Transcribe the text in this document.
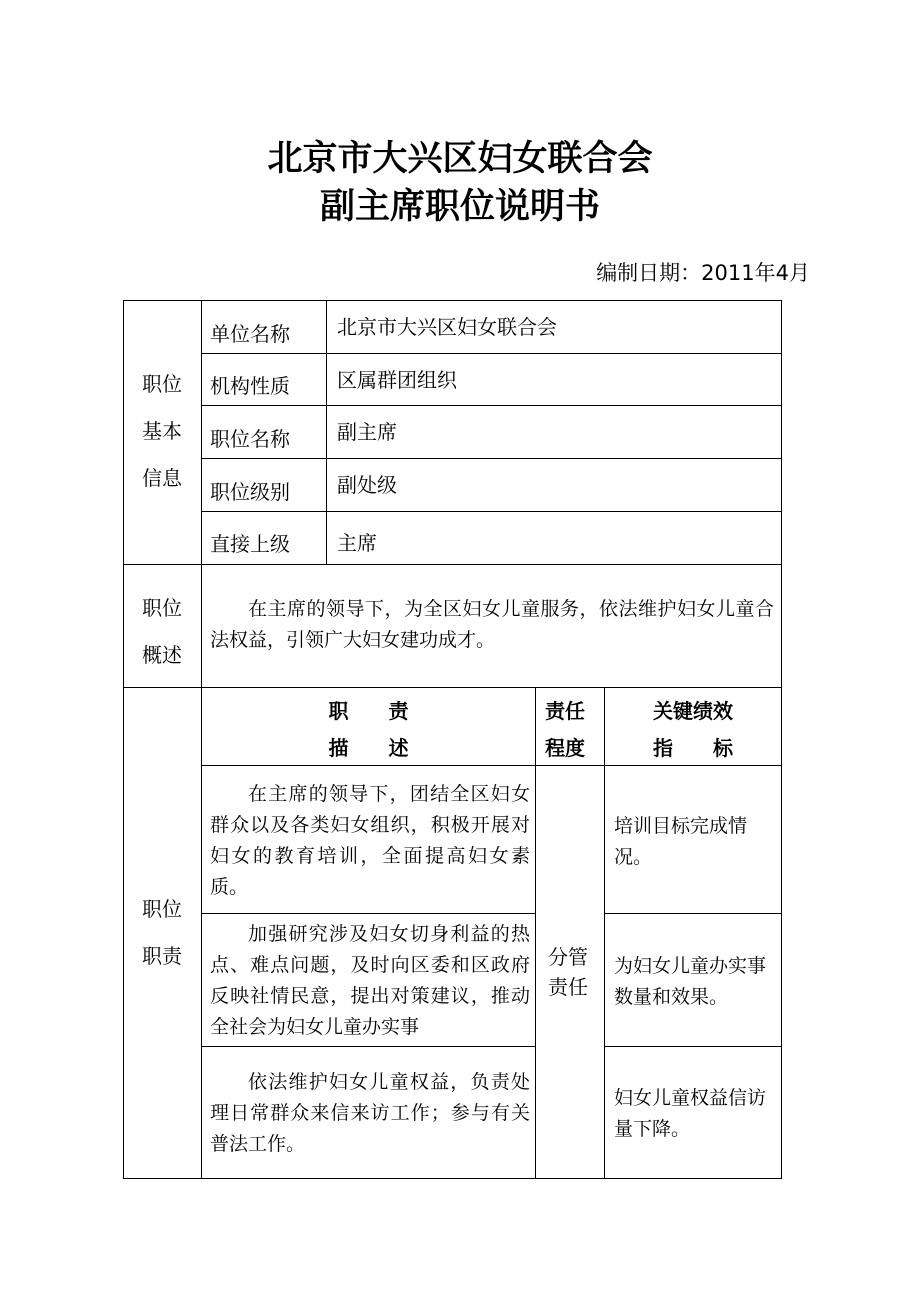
北京市大兴区妇女联合会
副主席职位说明书
编制日期：2011年4月
职位
基本
信息
单位名称 北京市大兴区妇女联合会
机构性质 区属群团组织
职位名称 副主席
职位级别 副处级
直接上级 主席
职位
概述
在主席的领导下，为全区妇女儿童服务，依法维护妇女儿童合法权益，引领广大妇女建功成才。
职位
职责
职　　责
描　　述
责任
程度
关键绩效
指　　标
分管
责任
在主席的领导下，团结全区妇女群众以及各类妇女组织，积极开展对妇女的教育培训，全面提高妇女素质。
培训目标完成情况。
加强研究涉及妇女切身利益的热点、难点问题，及时向区委和区政府反映社情民意，提出对策建议，推动全社会为妇女儿童办实事
为妇女儿童办实事数量和效果。
依法维护妇女儿童权益，负责处理日常群众来信来访工作；参与有关普法工作。
妇女儿童权益信访量下降。
